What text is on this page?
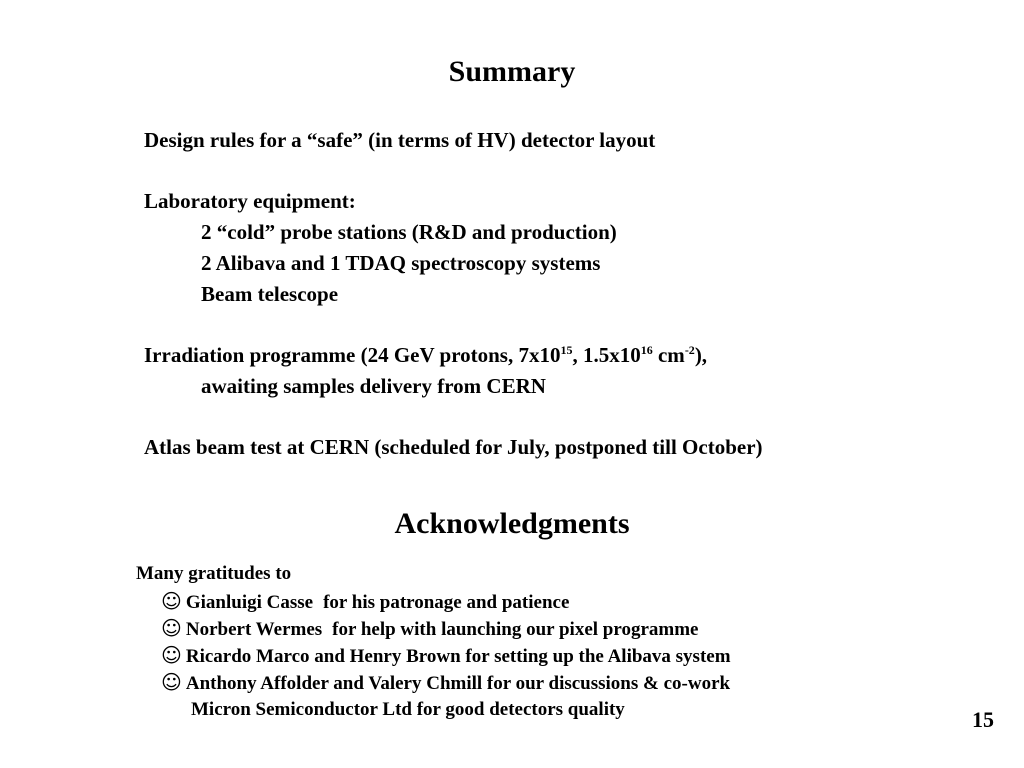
Summary
Design rules for a “safe” (in terms of HV) detector layout
Laboratory equipment:
2 “cold” probe stations (R&D and production)
2 Alibava and 1 TDAQ spectroscopy systems
Beam telescope
Irradiation programme (24 GeV protons, $7x10^{15}$, $1.5x10^{16}$ $cm^{-2}$),
awaiting samples delivery from CERN
Atlas beam test at CERN (scheduled for July, postponed till October)
Acknowledgments
Many gratitudes to
☺ Gianluigi Casse for his patronage and patience
☺ Norbert Wermes for help with launching our pixel programme
☺ Ricardo Marco and Henry Brown for setting up the Alibava system
☺ Anthony Affolder and Valery Chmill for our discussions & co-work
Micron Semiconductor Ltd for good detectors quality	15
